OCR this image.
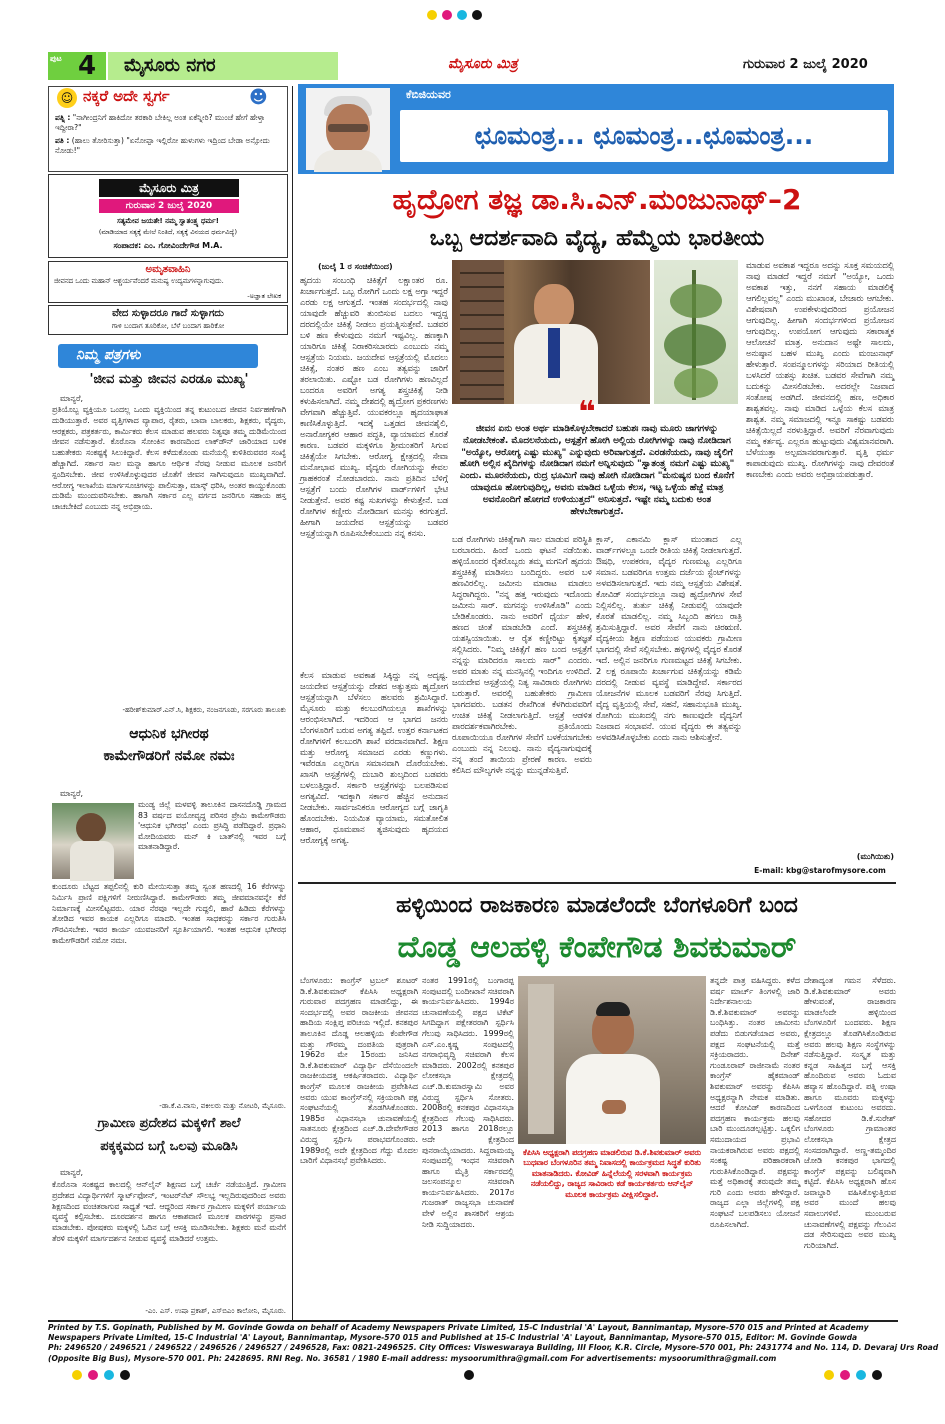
ಪುಟ 4 ಮೈಸೂರು ನಗರ	ಮೈಸೂರು ಮಿತ್ರ	ಗುರುವಾರ 2 ಜುಲೈ 2020
☺ ನಕ್ಕರೆ ಅದೇ ಸ್ವರ್ಗ	☻
ಪತ್ನಿ : "ನಾಗೀಂದ್ರನಿಗೆ ಹಾಕಿದೋ ತರಕಾರಿ ಬೇಕಿಲ್ಲ ಅಂತ ಏಕೆನ್ನೀರಿ? ಮುಂಚೆ ಹೇಗೆ ಹೇಳ್ತಾ ಇದ್ದೀರಾ?"
ಪತಿ : (ಹಾಲು ತೋರಿಸುತ್ತಾ) "ಏನೋಪ್ಪಾ ಇಲ್ಲಿರೋ ಹುಳುಗಳು ಇದ್ರಿಂದ ಬೇಡಾ ಅನ್ಸೋದು ನೋಡು!"
ಮೈಸೂರು ಮಿತ್ರ
ಗುರುವಾರ 2 ಜುಲೈ 2020
ಸತ್ಯಮೇವ ಜಯತೇ! ನಮ್ಮ ಸ್ವಾತಂತ್ರ್ಯ ಧರ್ಮ!
(ಮಾಡಿಯಾದ ಸತ್ಯಕ್ಕೆ ಮೇಲೆ ನಿಂತಿದೆ, ಸತ್ಯಕ್ಕೆ ವಿನಯದ ಧರ್ಮವಿದ್ಯೆ)
ಸಂಪಾದಕ: ಎಂ. ಗೋವಿಂದೇಗೌಡ M.A.
ಅಮೃತವಾಹಿನಿ
ಜೀವನದ ಒಂದು ಮಹಾನ್ ಆಶ್ಚರ್ಯವೆಂದರೆ ಮನುಷ್ಯ ಉದ್ಯಮಗಳನ್ನಾಗುವುದು.
-ಅಜ್ಞಾತ ಲೇಖಕ
ವೇದ ಸುಳ್ಳಾದರೂ ಗಾದೆ ಸುಳ್ಳಾಗದು
ಗಾಳಿ ಬಂದಾಗ ತೂರಿಕೋ, ಬೆಳೆ ಬಂದಾಗ ಹಾರಿಕೋ
ನಿಮ್ಮ ಪತ್ರಗಳು
'ಜೀವ ಮತ್ತು ಜೀವನ ಎರಡೂ ಮುಖ್ಯ'
ಮಾನ್ಯರೆ,
ಪ್ರತಿಯೊಬ್ಬ ವ್ಯಕ್ತಿಯೂ ಒಂದಲ್ಲ ಒಂದು ವ್ಯಕ್ತಿಯಿಂದ ತನ್ನ ಕುಟುಂಬದ ಜೀವನ ನಿರ್ವಹಣೆಗಾಗಿ ದುಡಿಯುತ್ತಾರೆ. ಅವರ ವೃತ್ತಿಗಳಾದ ವ್ಯಾಪಾರ, ರೈತರು, ಬಾವಾ ಬಾಲಕರು, ಶಿಕ್ಷಕರು, ವೈದ್ಯರು, ಆರಕ್ಷಕರು, ಪತ್ರಕರ್ತರು, ಕಾರ್ಮಿಕರು ಕೆಲಸ ಮಾಡುವ ಹಲವರು ನಿತ್ಯವೂ ತಮ್ಮ ದುಡಿಮೆಯಿಂದ ಜೀವನ ನಡೆಸುತ್ತಾರೆ. ಕೊರೊನಾ ಸೋಂಕಿನ ಕಾರಣದಿಂದ ಲಾಕ್‌ಡೌನ್ ಜಾರಿಯಾದ ಬಳಿಕ ಬಹುತೇಕರು ಸಂಕಷ್ಟಕ್ಕೆ ಸಿಲುಕಿದ್ದಾರೆ. ಕೆಲಸ ಕಳೆದುಕೊಂಡು ಮನೆಯಲ್ಲಿ ಕುಳಿತಿರುವವರ ಸಂಖ್ಯೆ ಹೆಚ್ಚಾಗಿದೆ. ಸರ್ಕಾರ ಸಾಲ ಮನ್ನಾ ಹಾಗೂ ಆರ್ಥಿಕ ನೆರವು ನೀಡುವ ಮೂಲಕ ಜನರಿಗೆ ಸ್ಪಂದಿಸಬೇಕು. ಜೀವ ಉಳಿಸಿಕೊಳ್ಳುವುದರ ಜೊತೆಗೆ ಜೀವನ ಸಾಗಿಸುವುದೂ ಮುಖ್ಯವಾಗಿದೆ. ಆರೋಗ್ಯ ಇಲಾಖೆಯ ಮಾರ್ಗಸೂಚಿಗಳನ್ನು ಪಾಲಿಸುತ್ತಾ, ಮಾಸ್ಕ್ ಧರಿಸಿ, ಅಂತರ ಕಾಯ್ದುಕೊಂಡು ದುಡಿಮೆ ಮುಂದುವರಿಸಬೇಕು. ಹಾಗಾಗಿ ಸರ್ಕಾರ ಎಲ್ಲ ವರ್ಗದ ಜನರಿಗೂ ಸಹಾಯ ಹಸ್ತ ಚಾಚಬೇಕಿದೆ ಎಂಬುದು ನನ್ನ ಅಭಿಪ್ರಾಯ.
-ಹರೀಶ್‌ಕುಮಾರ್.ಎನ್.ಸಿ, ಶಿಕ್ಷಕರು, ನಂಜನಗೂಡು, ಸರಗೂರು ತಾಲೂಕು
ಆಧುನಿಕ ಭಗೀರಥ
ಕಾಮೇಗೌಡರಿಗೆ ನಮೋ ನಮಃ
ಮಾನ್ಯರೆ,
ಮಂಡ್ಯ ಜಿಲ್ಲೆ ಮಳವಳ್ಳಿ ತಾಲೂಕಿನ ದಾಸನದೊಡ್ಡಿ ಗ್ರಾಮದ 83 ವರ್ಷದ ವಯೋವೃದ್ಧ ಪರಿಸರ ಪ್ರೇಮಿ ಕಾಮೇಗೌಡರು 'ಆಧುನಿಕ ಭಗೀರಥ' ಎಂದು ಪ್ರಸಿದ್ಧಿ ಪಡೆದಿದ್ದಾರೆ. ಪ್ರಧಾನಿ ಮೋದಿಯವರು ಮನ್ ಕಿ ಬಾತ್‌ನಲ್ಲಿ ಇವರ ಬಗ್ಗೆ ಮಾತನಾಡಿದ್ದಾರೆ.
ಕುಂದೂರು ಬೆಟ್ಟದ ತಪ್ಪಲಿನಲ್ಲಿ ಕುರಿ ಮೇಯಿಸುತ್ತಾ ತಮ್ಮ ಸ್ವಂತ ಹಣದಲ್ಲಿ 16 ಕೆರೆಗಳನ್ನು ನಿರ್ಮಿಸಿ ಪ್ರಾಣಿ ಪಕ್ಷಿಗಳಿಗೆ ನೀರುಣಿಸಿದ್ದಾರೆ. ಕಾಮೇಗೌಡರು ತಮ್ಮ ಜೀವಮಾನವನ್ನೇ ಕೆರೆ ನಿರ್ಮಾಣಕ್ಕೆ ಮೀಸಲಿಟ್ಟವರು. ಯಾರ ನೆರವೂ ಇಲ್ಲದೇ ಗುದ್ದಲಿ, ಹಾರೆ ಹಿಡಿದು ಕೆರೆಗಳನ್ನು ತೋಡಿದ ಇವರ ಕಾಯಕ ಎಲ್ಲರಿಗೂ ಮಾದರಿ. ಇಂತಹ ಸಾಧಕರನ್ನು ಸರ್ಕಾರ ಗುರುತಿಸಿ ಗೌರವಿಸಬೇಕು. ಇವರ ಕಾರ್ಯ ಯುವಜನರಿಗೆ ಸ್ಫೂರ್ತಿಯಾಗಲಿ. ಇಂತಹ ಆಧುನಿಕ ಭಗೀರಥ ಕಾಮೇಗೌಡರಿಗೆ ನಮೋ ನಮಃ.
-ಡಾ.ಕೆ.ವಿ.ವಾಸು, ವಕೀಲರು ಮತ್ತು ನೋಟರಿ, ಮೈಸೂರು.
ಗ್ರಾಮೀಣ ಪ್ರದೇಶದ ಮಕ್ಕಳಿಗೆ ಶಾಲೆ
ಪಕ್ಕಕ್ಕಮದ ಬಗ್ಗೆ ಒಲವು ಮೂಡಿಸಿ
ಮಾನ್ಯರೆ,
ಕೊರೊನಾ ಸಂಕಷ್ಟದ ಕಾಲದಲ್ಲಿ ಆನ್‌ಲೈನ್ ಶಿಕ್ಷಣದ ಬಗ್ಗೆ ಚರ್ಚೆ ನಡೆಯುತ್ತಿದೆ. ಗ್ರಾಮೀಣ ಪ್ರದೇಶದ ವಿದ್ಯಾರ್ಥಿಗಳಿಗೆ ಸ್ಮಾರ್ಟ್‌ಫೋನ್, ಇಂಟರ್‌ನೆಟ್ ಸೌಲಭ್ಯ ಇಲ್ಲದಿರುವುದರಿಂದ ಅವರು ಶಿಕ್ಷಣದಿಂದ ವಂಚಿತರಾಗುವ ಸಾಧ್ಯತೆ ಇದೆ. ಆದ್ದರಿಂದ ಸರ್ಕಾರ ಗ್ರಾಮೀಣ ಮಕ್ಕಳಿಗೆ ಪರ್ಯಾಯ ವ್ಯವಸ್ಥೆ ಕಲ್ಪಿಸಬೇಕು. ದೂರದರ್ಶನ ಹಾಗೂ ಆಕಾಶವಾಣಿ ಮೂಲಕ ಪಾಠಗಳನ್ನು ಪ್ರಸಾರ ಮಾಡಬೇಕು. ಪೋಷಕರು ಮಕ್ಕಳಲ್ಲಿ ಓದಿನ ಬಗ್ಗೆ ಆಸಕ್ತಿ ಮೂಡಿಸಬೇಕು. ಶಿಕ್ಷಕರು ಮನೆ ಮನೆಗೆ ತೆರಳಿ ಮಕ್ಕಳಿಗೆ ಮಾರ್ಗದರ್ಶನ ನೀಡುವ ವ್ಯವಸ್ಥೆ ಮಾಡಿದರೆ ಉತ್ತಮ.
-ಎಂ. ಎಸ್. ಉಷಾ ಪ್ರಕಾಶ್, ಎಸ್‌ಬಿಎಂ ಕಾಲೋನಿ, ಮೈಸೂರು.
ಕೆಬಿಜಿಯವರ
ಛೂಮಂತ್ರ... ಛೂಮಂತ್ರ...ಛೂಮಂತ್ರ...
ಹೃದ್ರೋಗ ತಜ್ಞ ಡಾ.ಸಿ.ಎನ್.ಮಂಜುನಾಥ್–2
ಒಬ್ಬ ಆದರ್ಶವಾದಿ ವೈದ್ಯ, ಹೆಮ್ಮೆಯ ಭಾರತೀಯ
(ಜುಲೈ 1 ರ ಸಂಚಿಕೆಯಿಂದ)
ಹೃದಯ ಸಂಬಂಧಿ ಚಿಕಿತ್ಸೆಗೆ ಲಕ್ಷಾಂತರ ರೂ. ಖರ್ಚಾಗುತ್ತದೆ. ಒಬ್ಬ ರೋಗಿಗೆ ಒಂದು ಲಕ್ಷ ಅಗ್ತಾ ಇದ್ದರೆ ಎರಡು ಲಕ್ಷ ಆಗುತ್ತದೆ. ಇಂತಹ ಸಂದರ್ಭದಲ್ಲಿ ನಾವು ಯಾವುದೇ ಹೆಚ್ಚುವರಿ ತುಂಬಿಸುವ ಬದಲು ಇದ್ದದ್ದ ದರದಲ್ಲಿಯೇ ಚಿಕಿತ್ಸೆ ನೀಡಲು ಪ್ರಯತ್ನಿಸುತ್ತೇವೆ. ಬಡವರ ಬಳಿ ಹಣ ಕೇಳುವುದು ನಮಗೆ ಇಷ್ಟವಿಲ್ಲ. ಹಣಕ್ಕಾಗಿ ಯಾರಿಗೂ ಚಿಕಿತ್ಸೆ ನಿರಾಕರಿಸಬಾರದು ಎಂಬುದು ನಮ್ಮ ಆಸ್ಪತ್ರೆಯ ನಿಯಮ. ಜಯದೇವ ಆಸ್ಪತ್ರೆಯಲ್ಲಿ ಮೊದಲು ಚಿಕಿತ್ಸೆ, ನಂತರ ಹಣ ಎಂಬ ತತ್ವವನ್ನು ಜಾರಿಗೆ ತರಲಾಯಿತು. ಎಷ್ಟೋ ಬಡ ರೋಗಿಗಳು ಹಣವಿಲ್ಲದೆ ಬಂದರೂ ಅವರಿಗೆ ಅಗತ್ಯ ಶಸ್ತ್ರಚಿಕಿತ್ಸೆ ನೀಡಿ ಕಳುಹಿಸಲಾಗಿದೆ. ನಮ್ಮ ದೇಶದಲ್ಲಿ ಹೃದ್ರೋಗ ಪ್ರಕರಣಗಳು ವೇಗವಾಗಿ ಹೆಚ್ಚುತ್ತಿವೆ. ಯುವಕರಲ್ಲೂ ಹೃದಯಾಘಾತ ಕಾಣಿಸಿಕೊಳ್ಳುತ್ತಿದೆ. ಇದಕ್ಕೆ ಒತ್ತಡದ ಜೀವನಶೈಲಿ, ಅನಾರೋಗ್ಯಕರ ಆಹಾರ ಪದ್ಧತಿ, ವ್ಯಾಯಾಮದ ಕೊರತೆ ಕಾರಣ. ಬಡವರ ಮಕ್ಕಳಿಗೂ ಶ್ರೀಮಂತರಿಗೆ ಸಿಗುವ ಚಿಕಿತ್ಸೆಯೇ ಸಿಗಬೇಕು. ಆರೋಗ್ಯ ಕ್ಷೇತ್ರದಲ್ಲಿ ಸೇವಾ ಮನೋಭಾವ ಮುಖ್ಯ. ವೈದ್ಯರು ರೋಗಿಯನ್ನು ಕೇವಲ ಗ್ರಾಹಕರಂತೆ ನೋಡಬಾರದು. ನಾನು ಪ್ರತಿದಿನ ಬೆಳಿಗ್ಗೆ ಆಸ್ಪತ್ರೆಗೆ ಬಂದು ರೋಗಿಗಳ ವಾರ್ಡ್‌ಗಳಿಗೆ ಭೇಟಿ ನೀಡುತ್ತೇನೆ. ಅವರ ಕಷ್ಟ ಸುಖಗಳನ್ನು ಕೇಳುತ್ತೇನೆ. ಬಡ ರೋಗಿಗಳ ಕಣ್ಣೀರು ನೋಡಿದಾಗ ಮನಸ್ಸು ಕರಗುತ್ತದೆ. ಹೀಗಾಗಿ ಜಯದೇವ ಆಸ್ಪತ್ರೆಯನ್ನು ಬಡವರ ಆಸ್ಪತ್ರೆಯನ್ನಾಗಿ ರೂಪಿಸಬೇಕೆಂಬುದು ನನ್ನ ಕನಸು.
❝
ಜೀವನ ಏನು ಅಂತ ಅರ್ಥ ಮಾಡಿಕೊಳ್ಳಬೇಕಾದರೆ ಬಹುಶಃ ನಾವು ಮೂರು ಜಾಗಗಳನ್ನು ನೋಡಬೇಕಂತೆ. ಮೊದಲನೆಯದು, ಆಸ್ಪತ್ರೆಗೆ ಹೋಗಿ ಅಲ್ಲಿಯ ರೋಗಿಗಳನ್ನು ನಾವು ನೋಡಿದಾಗ "ಅಯ್ಯೋ, ಆರೋಗ್ಯ ಎಷ್ಟು ಮುಖ್ಯ" ಎನ್ನುವುದು ಅರಿವಾಗುತ್ತದೆ. ಎರಡನೆಯದು, ನಾವು ಜೈಲಿಗೆ ಹೋಗಿ ಅಲ್ಲಿನ ಖೈದಿಗಳನ್ನು ನೋಡಿದಾಗ ನಮಗೆ ಅನ್ನಿಸುವುದು "ಸ್ವಾತಂತ್ರ್ಯ ನಮಗೆ ಎಷ್ಟು ಮುಖ್ಯ" ಎಂದು. ಮೂರನೆಯದು, ರುದ್ರ ಭೂಮಿಗೆ ನಾವು ಹೋಗಿ ನೋಡಿದಾಗ "ಮನುಷ್ಯನ ಬಂದ ಕೊನೆಗೆ ಯಾವುದೂ ಹೋಗುವುದಿಲ್ಲ, ಅವನು ಮಾಡಿದ ಒಳ್ಳೆಯ ಕೆಲಸ, ಇಟ್ಟ ಒಳ್ಳೆಯ ಹೆಜ್ಜೆ ಮಾತ್ರ ಅವನೊಂದಿಗೆ ಹೋಗದೆ ಉಳಿಯುತ್ತದೆ" ಅನಿಸುತ್ತದೆ. ಇಷ್ಟೇ ನಮ್ಮ ಬದುಕು ಅಂತ ಹೇಳಬೇಕಾಗುತ್ತದೆ.
ಬಡ ರೋಗಿಗಳು ಚಿಕಿತ್ಸೆಗಾಗಿ ಸಾಲ ಮಾಡುವ ಪರಿಸ್ಥಿತಿ ಬರಬಾರದು. ಹಿಂದೆ ಒಂದು ಘಟನೆ ನಡೆಯಿತು. ಹಳ್ಳಿಯೊಂದರ ರೈತರೊಬ್ಬರು ತಮ್ಮ ಮಗನಿಗೆ ಹೃದಯ ಶಸ್ತ್ರಚಿಕಿತ್ಸೆ ಮಾಡಿಸಲು ಬಂದಿದ್ದರು. ಅವರ ಬಳಿ ಹಣವಿರಲಿಲ್ಲ. ಜಮೀನು ಮಾರಾಟ ಮಾಡಲು ಸಿದ್ಧರಾಗಿದ್ದರು. "ನನ್ನ ಹತ್ತ ಇರುವುದು ಇದೊಂದು ಜಮೀನು ಸಾರ್. ಮಗನನ್ನು ಉಳಿಸಿಕೊಡಿ" ಎಂದು ಬೇಡಿಕೊಂಡರು. ನಾನು ಅವರಿಗೆ ಧೈರ್ಯ ಹೇಳಿ, ಹಣದ ಚಿಂತೆ ಮಾಡಬೇಡಿ ಎಂದೆ. ಶಸ್ತ್ರಚಿಕಿತ್ಸೆ ಯಶಸ್ವಿಯಾಯಿತು. ಆ ರೈತ ಕಣ್ಣೀರಿಟ್ಟು ಕೃತಜ್ಞತೆ ಸಲ್ಲಿಸಿದರು. "ನಿಮ್ಮ ಚಿಕಿತ್ಸೆಗೆ ಹಣ ಬಂದ ಆಸ್ಪತ್ರೆಗೆ ನನ್ನನ್ನು ಮಾರಿದರೂ ಸಾಲದು ಸಾರ್" ಎಂದರು. ಅವರ ಮಾತು ನನ್ನ ಮನಸ್ಸಿನಲ್ಲಿ ಇಂದಿಗೂ ಉಳಿದಿದೆ. ಜಯದೇವ ಆಸ್ಪತ್ರೆಯಲ್ಲಿ ನಿತ್ಯ ಸಾವಿರಾರು ರೋಗಿಗಳು ಬರುತ್ತಾರೆ. ಅವರಲ್ಲಿ ಬಹುತೇಕರು ಗ್ರಾಮೀಣ ಭಾಗದವರು. ಬಡತನ ರೇಖೆಗಿಂತ ಕೆಳಗಿರುವವರಿಗೆ ಉಚಿತ ಚಿಕಿತ್ಸೆ ನೀಡಲಾಗುತ್ತಿದೆ. ಆಸ್ಪತ್ರೆ ಆಡಳಿತ ಪಾರದರ್ಶಕವಾಗಿರಬೇಕು. ಪ್ರತಿಯೊಂದು ರೂಪಾಯಿಯೂ ರೋಗಿಗಳ ಸೇವೆಗೆ ಬಳಕೆಯಾಗಬೇಕು ಎಂಬುದು ನನ್ನ ನಿಲುವು. ನಾನು ವೈದ್ಯನಾಗುವುದಕ್ಕೆ ನನ್ನ ತಂದೆ ತಾಯಿಯ ಪ್ರೇರಣೆ ಕಾರಣ. ಅವರು ಕಲಿಸಿದ ಮೌಲ್ಯಗಳೇ ನನ್ನನ್ನು ಮುನ್ನಡೆಸುತ್ತಿವೆ.
ಕ್ಲಾಸ್, ಎಕಾನಮಿ ಕ್ಲಾಸ್ ಮುಂತಾದ ಎಲ್ಲ ವಾರ್ಡ್‌ಗಳಲ್ಲೂ ಒಂದೇ ರೀತಿಯ ಚಿಕಿತ್ಸೆ ನೀಡಲಾಗುತ್ತದೆ. ಔಷಧಿ, ಉಪಕರಣ, ವೈದ್ಯರ ಗುಣಮಟ್ಟ ಎಲ್ಲರಿಗೂ ಸಮಾನ. ಬಡವರಿಗೂ ಉತ್ತಮ ದರ್ಜೆಯ ಸ್ಟೆಂಟ್‌ಗಳನ್ನು ಅಳವಡಿಸಲಾಗುತ್ತದೆ. ಇದು ನಮ್ಮ ಆಸ್ಪತ್ರೆಯ ವಿಶೇಷತೆ. ಕೋವಿಡ್ ಸಂದರ್ಭದಲ್ಲೂ ನಾವು ಹೃದ್ರೋಗಿಗಳ ಸೇವೆ ನಿಲ್ಲಿಸಲಿಲ್ಲ. ತುರ್ತು ಚಿಕಿತ್ಸೆ ನೀಡುವಲ್ಲಿ ಯಾವುದೇ ಕೊರತೆ ಮಾಡಲಿಲ್ಲ. ನಮ್ಮ ಸಿಬ್ಬಂದಿ ಹಗಲು ರಾತ್ರಿ ಶ್ರಮಿಸುತ್ತಿದ್ದಾರೆ. ಅವರ ಸೇವೆಗೆ ನಾನು ಚಿರಋಣಿ. ವೈದ್ಯಕೀಯ ಶಿಕ್ಷಣ ಪಡೆಯುವ ಯುವಕರು ಗ್ರಾಮೀಣ ಭಾಗದಲ್ಲಿ ಸೇವೆ ಸಲ್ಲಿಸಬೇಕು. ಹಳ್ಳಿಗಳಲ್ಲಿ ವೈದ್ಯರ ಕೊರತೆ ಇದೆ. ಅಲ್ಲಿನ ಜನರಿಗೂ ಗುಣಮಟ್ಟದ ಚಿಕಿತ್ಸೆ ಸಿಗಬೇಕು. 2 ಲಕ್ಷ ರೂಪಾಯಿ ಖರ್ಚಾಗುವ ಚಿಕಿತ್ಸೆಯನ್ನು ಕಡಿಮೆ ದರದಲ್ಲಿ ನೀಡುವ ವ್ಯವಸ್ಥೆ ಮಾಡಿದ್ದೇವೆ. ಸರ್ಕಾರದ ಯೋಜನೆಗಳ ಮೂಲಕ ಬಡವರಿಗೆ ನೆರವು ಸಿಗುತ್ತಿದೆ. ವೈದ್ಯ ವೃತ್ತಿಯಲ್ಲಿ ಸೇವೆ, ಸಹನೆ, ಸಹಾನುಭೂತಿ ಮುಖ್ಯ. ರೋಗಿಯ ಮುಖದಲ್ಲಿ ನಗು ಕಾಣುವುದೇ ವೈದ್ಯನಿಗೆ ನಿಜವಾದ ಸಂಭಾವನೆ. ಯುವ ವೈದ್ಯರು ಈ ತತ್ವವನ್ನು ಅಳವಡಿಸಿಕೊಳ್ಳಬೇಕು ಎಂದು ನಾನು ಆಶಿಸುತ್ತೇನೆ.
ಕೆಲಸ ಮಾಡುವ ಅವಕಾಶ ಸಿಕ್ಕಿದ್ದು ನನ್ನ ಅದೃಷ್ಟ. ಜಯದೇವ ಆಸ್ಪತ್ರೆಯನ್ನು ದೇಶದ ಅತ್ಯುತ್ತಮ ಹೃದ್ರೋಗ ಆಸ್ಪತ್ರೆಯನ್ನಾಗಿ ಬೆಳೆಸಲು ಹಲವರು ಶ್ರಮಿಸಿದ್ದಾರೆ. ಮೈಸೂರು ಮತ್ತು ಕಲಬುರಗಿಯಲ್ಲೂ ಶಾಖೆಗಳನ್ನು ಆರಂಭಿಸಲಾಗಿದೆ. ಇದರಿಂದ ಆ ಭಾಗದ ಜನರು ಬೆಂಗಳೂರಿಗೆ ಬರುವ ಅಗತ್ಯ ತಪ್ಪಿದೆ. ಉತ್ತರ ಕರ್ನಾಟಕದ ರೋಗಿಗಳಿಗೆ ಕಲಬುರಗಿ ಶಾಖೆ ವರದಾನವಾಗಿದೆ. ಶಿಕ್ಷಣ ಮತ್ತು ಆರೋಗ್ಯ ಸಮಾಜದ ಎರಡು ಕಣ್ಣುಗಳು. ಇವೆರಡೂ ಎಲ್ಲರಿಗೂ ಸಮಾನವಾಗಿ ದೊರೆಯಬೇಕು. ಖಾಸಗಿ ಆಸ್ಪತ್ರೆಗಳಲ್ಲಿ ದುಬಾರಿ ಶುಲ್ಕದಿಂದ ಬಡವರು ಬಳಲುತ್ತಿದ್ದಾರೆ. ಸರ್ಕಾರಿ ಆಸ್ಪತ್ರೆಗಳನ್ನು ಬಲಪಡಿಸುವ ಅಗತ್ಯವಿದೆ. ಇದಕ್ಕಾಗಿ ಸರ್ಕಾರ ಹೆಚ್ಚಿನ ಅನುದಾನ ನೀಡಬೇಕು. ಸಾರ್ವಜನಿಕರೂ ಆರೋಗ್ಯದ ಬಗ್ಗೆ ಜಾಗೃತಿ ಹೊಂದಬೇಕು. ನಿಯಮಿತ ವ್ಯಾಯಾಮ, ಸಮತೋಲಿತ ಆಹಾರ, ಧೂಮಪಾನ ತ್ಯಜಿಸುವುದು ಹೃದಯದ ಆರೋಗ್ಯಕ್ಕೆ ಅಗತ್ಯ.
ಮಾಡುವ ಅವಕಾಶ ಇದ್ದರೂ ಅದನ್ನು ಸೂಕ್ತ ಸಮಯದಲ್ಲಿ ನಾವು ಮಾಡದೆ ಇದ್ದರೆ ನಮಗೆ "ಅಯ್ಯೋ, ಒಂದು ಅವಕಾಶ ಇತ್ತು, ನನಗೆ ಸಹಾಯ ಮಾಡಲಿಕ್ಕೆ ಆಗಲಿಲ್ಲವಲ್ಲ" ಎಂದು ಮುಖಾಂತ, ಬೇಜಾರು ಆಗಬೇಕು. ವಿಶೇಷವಾಗಿ ಉಪಕೇಳುವುದರಿಂದ ಪ್ರಯೋಜನ ಆಗುವುದಿಲ್ಲ. ಹೀಗಾಗಿ ಸಂದರ್ಭಗಳಿಂದ ಪ್ರಯೋಜನ ಆಗುವುದಿಲ್ಲ. ಉಪಯೋಗ ಆಗುವುದು ಸಕಾರಾತ್ಮಕ ಆಲೋಚನೆ ಮಾತ್ರ. ಅನುದಾನ ಅಷ್ಟೇ ಸಾಲದು, ಅನುಷ್ಠಾನ ಬಹಳ ಮುಖ್ಯ ಎಂದು ಮಂಜುನಾಥ್ ಹೇಳುತ್ತಾರೆ. ಸಂಪನ್ಮೂಲಗಳನ್ನು ಸರಿಯಾದ ರೀತಿಯಲ್ಲಿ ಬಳಸಿದರೆ ಯಶಸ್ಸು ಖಚಿತ. ಬಡವರ ಸೇವೆಗಾಗಿ ನಮ್ಮ ಬದುಕನ್ನು ಮೀಸಲಿಡಬೇಕು. ಅದರಲ್ಲೇ ನಿಜವಾದ ಸಂತೋಷ ಅಡಗಿದೆ. ಜೀವನದಲ್ಲಿ ಹಣ, ಅಧಿಕಾರ ಶಾಶ್ವತವಲ್ಲ. ನಾವು ಮಾಡಿದ ಒಳ್ಳೆಯ ಕೆಲಸ ಮಾತ್ರ ಶಾಶ್ವತ. ನಮ್ಮ ಸಮಾಜದಲ್ಲಿ ಇನ್ನೂ ಸಾಕಷ್ಟು ಬಡವರು ಚಿಕಿತ್ಸೆಯಿಲ್ಲದೆ ನರಳುತ್ತಿದ್ದಾರೆ. ಅವರಿಗೆ ನೆರವಾಗುವುದು ನಮ್ಮ ಕರ್ತವ್ಯ. ಎಲ್ಲರೂ ಹುಟ್ಟುವುದು ವಿಶ್ವಮಾನವರಾಗಿ. ಬೆಳೆಯುತ್ತಾ ಅಲ್ಪಮಾನವರಾಗುತ್ತಾರೆ. ವೃತ್ತಿ ಧರ್ಮ ಕಾಪಾಡುವುದು ಮುಖ್ಯ. ರೋಗಿಗಳನ್ನು ನಾವು ದೇವರಂತೆ ಕಾಣಬೇಕು ಎಂದು ಅವರು ಅಭಿಪ್ರಾಯಪಡುತ್ತಾರೆ.
(ಮುಗಿಯಿತು)
E-mail: kbg@starofmysore.com
ಹಳ್ಳಿಯಿಂದ ರಾಜಕಾರಣ ಮಾಡಲೆಂದೇ ಬೆಂಗಳೂರಿಗೆ ಬಂದ
ದೊಡ್ಡ ಆಲಹಳ್ಳಿ ಕೆಂಪೇಗೌಡ ಶಿವಕುಮಾರ್
ಬೆಂಗಳೂರು: ಕಾಂಗ್ರೆಸ್ ಟ್ರಬಲ್ ಶೂಟರ್ ಡಿ.ಕೆ.ಶಿವಕುಮಾರ್ ಕೆಪಿಸಿಸಿ ಅಧ್ಯಕ್ಷರಾಗಿ ಗುರುವಾರ ಪದಗ್ರಹಣ ಮಾಡಲಿದ್ದು, ಈ ಸಂದರ್ಭದಲ್ಲಿ ಅವರ ರಾಜಕೀಯ ಜೀವನದ ಹಾದಿಯ ಸಂಕ್ಷಿಪ್ತ ಪರಿಚಯ ಇಲ್ಲಿದೆ. ಕನಕಪುರ ತಾಲೂಕಿನ ದೊಡ್ಡ ಆಲಹಳ್ಳಿಯ ಕೆಂಪೇಗೌಡ ಮತ್ತು ಗೌರಮ್ಮ ದಂಪತಿಯ ಪುತ್ರರಾಗಿ 1962ರ ಮೇ 15ರಂದು ಜನಿಸಿದ ಡಿ.ಕೆ.ಶಿವಕುಮಾರ್ ವಿದ್ಯಾರ್ಥಿ ದೆಸೆಯಿಂದಲೇ ರಾಜಕೀಯದತ್ತ ಆಕರ್ಷಿತರಾದರು. ವಿದ್ಯಾರ್ಥಿ ಕಾಂಗ್ರೆಸ್ ಮೂಲಕ ರಾಜಕೀಯ ಪ್ರವೇಶಿಸಿದ ಅವರು ಯುವ ಕಾಂಗ್ರೆಸ್‌ನಲ್ಲಿ ಸಕ್ರಿಯರಾಗಿ ಪಕ್ಷ ಸಂಘಟನೆಯಲ್ಲಿ ತೊಡಗಿಸಿಕೊಂಡರು. 1985ರ ವಿಧಾನಸಭಾ ಚುನಾವಣೆಯಲ್ಲಿ ಸಾತನೂರು ಕ್ಷೇತ್ರದಿಂದ ಎಚ್.ಡಿ.ದೇವೇಗೌಡರ ವಿರುದ್ಧ ಸ್ಪರ್ಧಿಸಿ ಪರಾಭವಗೊಂಡರು. 1989ರಲ್ಲಿ ಅದೇ ಕ್ಷೇತ್ರದಿಂದ ಗೆದ್ದು ಮೊದಲ ಬಾರಿಗೆ ವಿಧಾನಸಭೆ ಪ್ರವೇಶಿಸಿದರು.
ನಂತರ 1991ರಲ್ಲಿ ಬಂಗಾರಪ್ಪ ಸಂಪುಟದಲ್ಲಿ ಬಂದೀಖಾನೆ ಸಚಿವರಾಗಿ ಕಾರ್ಯನಿರ್ವಹಿಸಿದರು. 1994ರ ಚುನಾವಣೆಯಲ್ಲಿ ಪಕ್ಷದ ಟಿಕೆಟ್ ಸಿಗದಿದ್ದಾಗ ಪಕ್ಷೇತರರಾಗಿ ಸ್ಪರ್ಧಿಸಿ ಗೆಲುವು ಸಾಧಿಸಿದರು. 1999ರಲ್ಲಿ ಎಸ್.ಎಂ.ಕೃಷ್ಣ ಸಂಪುಟದಲ್ಲಿ ನಗರಾಭಿವೃದ್ಧಿ ಸಚಿವರಾಗಿ ಕೆಲಸ ಮಾಡಿದರು. 2002ರಲ್ಲಿ ಕನಕಪುರ ಲೋಕಸಭಾ ಕ್ಷೇತ್ರದಲ್ಲಿ ಎಚ್.ಡಿ.ಕುಮಾರಸ್ವಾಮಿ ಅವರ ವಿರುದ್ಧ ಸ್ಪರ್ಧಿಸಿ ಸೋತರು. 2008ರಲ್ಲಿ ಕನಕಪುರ ವಿಧಾನಸಭಾ ಕ್ಷೇತ್ರದಿಂದ ಗೆಲುವು ಸಾಧಿಸಿದರು. 2013 ಹಾಗೂ 2018ರಲ್ಲೂ ಅದೇ ಕ್ಷೇತ್ರದಿಂದ ಪುನರಾಯ್ಕೆಯಾದರು. ಸಿದ್ದರಾಮಯ್ಯ ಸಂಪುಟದಲ್ಲಿ ಇಂಧನ ಸಚಿವರಾಗಿ ಹಾಗೂ ಮೈತ್ರಿ ಸರ್ಕಾರದಲ್ಲಿ ಜಲಸಂಪನ್ಮೂಲ ಸಚಿವರಾಗಿ ಕಾರ್ಯನಿರ್ವಹಿಸಿದರು. 2017ರ ಗುಜರಾತ್ ರಾಜ್ಯಸಭಾ ಚುನಾವಣೆ ವೇಳೆ ಅಲ್ಲಿನ ಶಾಸಕರಿಗೆ ಆಶ್ರಯ ನೀಡಿ ಸುದ್ದಿಯಾದರು.
ಕೆಪಿಸಿಸಿ ಅಧ್ಯಕ್ಷರಾಗಿ ಪದಗ್ರಹಣ ಮಾಡಲಿರುವ ಡಿ.ಕೆ.ಶಿವಕುಮಾರ್ ಅವರು ಬುಧವಾರ ಬೆಂಗಳೂರಿನ ತಮ್ಮ ನಿವಾಸದಲ್ಲಿ ಕಾರ್ಯಕ್ರಮದ ಸಿದ್ಧತೆ ಕುರಿತು ಮಾತನಾಡಿದರು. ಕೋವಿಡ್ ಹಿನ್ನೆಲೆಯಲ್ಲಿ ಸರಳವಾಗಿ ಕಾರ್ಯಕ್ರಮ ನಡೆಯಲಿದ್ದು, ರಾಜ್ಯದ ಸಾವಿರಾರು ಕಡೆ ಕಾರ್ಯಕರ್ತರು ಆನ್‌ಲೈನ್ ಮೂಲಕ ಕಾರ್ಯಕ್ರಮ ವೀಕ್ಷಿಸಲಿದ್ದಾರೆ.
ತನ್ನದೇ ಪಾತ್ರ ವಹಿಸಿದ್ದರು. ಕಳೆದ ವರ್ಷ ಮಾರ್ಚ್ ತಿಂಗಳಲ್ಲಿ ಜಾರಿ ನಿರ್ದೇಶನಾಲಯ ಡಿ.ಕೆ.ಶಿವಕುಮಾರ್ ಅವರನ್ನು ಬಂಧಿಸಿತ್ತು. ನಂತರ ಜಾಮೀನು ಪಡೆದು ಬಿಡುಗಡೆಯಾದ ಅವರು, ಪಕ್ಷದ ಸಂಘಟನೆಯಲ್ಲಿ ಮತ್ತೆ ಸಕ್ರಿಯರಾದರು. ದಿನೇಶ್ ಗುಂಡೂರಾವ್ ರಾಜೀನಾಮೆ ನಂತರ ಕಾಂಗ್ರೆಸ್ ಹೈಕಮಾಂಡ್ ಶಿವಕುಮಾರ್ ಅವರನ್ನು ಕೆಪಿಸಿಸಿ ಅಧ್ಯಕ್ಷರನ್ನಾಗಿ ನೇಮಕ ಮಾಡಿತು. ಆದರೆ ಕೋವಿಡ್ ಕಾರಣದಿಂದ ಪದಗ್ರಹಣ ಕಾರ್ಯಕ್ರಮ ಹಲವು ಬಾರಿ ಮುಂದೂಡಲ್ಪಟ್ಟಿತ್ತು. ಒಕ್ಕಲಿಗ ಸಮುದಾಯದ ಪ್ರಭಾವಿ ನಾಯಕರಾಗಿರುವ ಅವರು ಪಕ್ಷದಲ್ಲಿ ಸಂಕಷ್ಟ ಪರಿಹಾರಕರಾಗಿ ಗುರುತಿಸಿಕೊಂಡಿದ್ದಾರೆ. ಪಕ್ಷವನ್ನು ಮತ್ತೆ ಅಧಿಕಾರಕ್ಕೆ ತರುವುದೇ ತಮ್ಮ ಗುರಿ ಎಂದು ಅವರು ಹೇಳಿದ್ದಾರೆ. ರಾಜ್ಯದ ಎಲ್ಲಾ ಜಿಲ್ಲೆಗಳಲ್ಲಿ ಪಕ್ಷ ಸಂಘಟನೆ ಬಲಪಡಿಸಲು ಯೋಜನೆ ರೂಪಿಸಲಾಗಿದೆ.
ದೇಶಾದ್ಯಂತ ಗಮನ ಸೆಳೆದರು. ಡಿ.ಕೆ.ಶಿವಕುಮಾರ್ ಅವರು ಹೇಳುವಂತೆ, ರಾಜಕಾರಣ ಮಾಡಲೆಂದೇ ಹಳ್ಳಿಯಿಂದ ಬೆಂಗಳೂರಿಗೆ ಬಂದವರು. ಶಿಕ್ಷಣ ಕ್ಷೇತ್ರದಲ್ಲೂ ತೊಡಗಿಸಿಕೊಂಡಿರುವ ಅವರು ಹಲವು ಶಿಕ್ಷಣ ಸಂಸ್ಥೆಗಳನ್ನು ನಡೆಸುತ್ತಿದ್ದಾರೆ. ಸಂಸ್ಕೃತ ಮತ್ತು ಕನ್ನಡ ಸಾಹಿತ್ಯದ ಬಗ್ಗೆ ಆಸಕ್ತಿ ಹೊಂದಿರುವ ಅವರು ಓದುವ ಹವ್ಯಾಸ ಹೊಂದಿದ್ದಾರೆ. ಪತ್ನಿ ಉಷಾ ಹಾಗೂ ಮೂವರು ಮಕ್ಕಳನ್ನು ಒಳಗೊಂಡ ಕುಟುಂಬ ಅವರದು. ಸಹೋದರ ಡಿ.ಕೆ.ಸುರೇಶ್ ಬೆಂಗಳೂರು ಗ್ರಾಮಾಂತರ ಲೋಕಸಭಾ ಕ್ಷೇತ್ರದ ಸಂಸದರಾಗಿದ್ದಾರೆ. ಅಣ್ಣ-ತಮ್ಮಂದಿರ ಜೋಡಿ ಕನಕಪುರ ಭಾಗದಲ್ಲಿ ಕಾಂಗ್ರೆಸ್ ಪಕ್ಷವನ್ನು ಬಲಿಷ್ಠವಾಗಿ ಕಟ್ಟಿದೆ. ಕೆಪಿಸಿಸಿ ಅಧ್ಯಕ್ಷರಾಗಿ ಹೊಸ ಜವಾಬ್ದಾರಿ ವಹಿಸಿಕೊಳ್ಳುತ್ತಿರುವ ಅವರ ಮುಂದೆ ಹಲವು ಸವಾಲುಗಳಿವೆ. ಮುಂಬರುವ ಚುನಾವಣೆಗಳಲ್ಲಿ ಪಕ್ಷವನ್ನು ಗೆಲುವಿನ ದಡ ಸೇರಿಸುವುದು ಅವರ ಮುಖ್ಯ ಗುರಿಯಾಗಿದೆ.
Printed by T.S. Gopinath, Published by M. Govinde Gowda on behalf of Academy Newspapers Private Limited, 15-C Industrial 'A' Layout, Bannimantap, Mysore-570 015 and Printed at Academy
Newspapers Private Limited, 15-C Industrial 'A' Layout, Bannimantap, Mysore-570 015 and Published at 15-C Industrial 'A' Layout, Bannimantap, Mysore-570 015, Editor: M. Govinde Gowda
Ph: 2496520 / 2496521 / 2496522 / 2496526 / 2496527 / 2496528, Fax: 0821-2496525. City Offices: Visweswaraya Building, III Floor, K.R. Circle, Mysore-570 001, Ph: 2431774 and No. 114, D. Devaraj Urs Road
(Opposite Big Bus), Mysore-570 001. Ph: 2428695. RNI Reg. No. 36581 / 1980 E-mail address: mysoorumithra@gmail.com For advertisements: mysoorumithra@gmail.com
